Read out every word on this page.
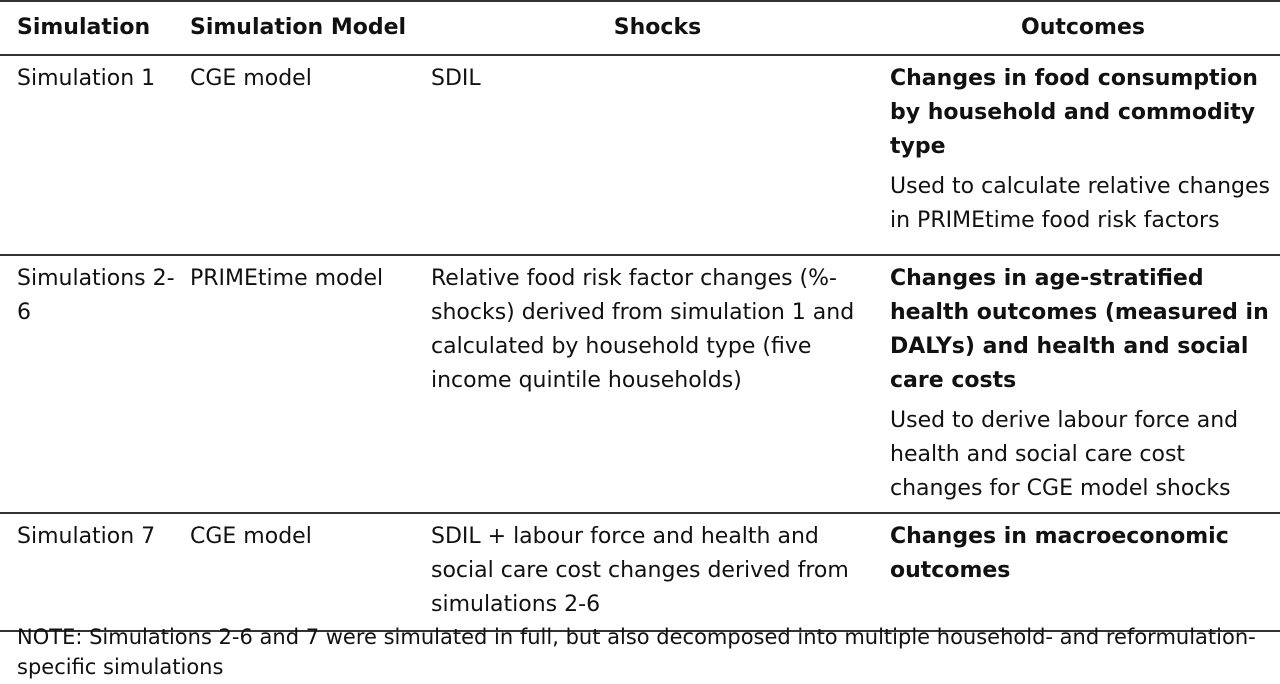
Simulation	Simulation Model	Shocks	Outcomes
Simulation 1	CGE model	SDIL	Changes in food consumption by household and commodity type
Used to calculate relative changes in PRIMEtime food risk factors

Simulations 2-6	PRIMEtime model	Relative food risk factor changes (%-shocks) derived from simulation 1 and calculated by household type (five income quintile households)	Changes in age-stratified health outcomes (measured in DALYs) and health and social care costs
Used to derive labour force and health and social care cost changes for CGE model shocks

Simulation 7	CGE model	SDIL + labour force and health and social care cost changes derived from simulations 2-6	Changes in macroeconomic outcomes
NOTE: Simulations 2-6 and 7 were simulated in full, but also decomposed into multiple household- and reformulation-specific simulations
